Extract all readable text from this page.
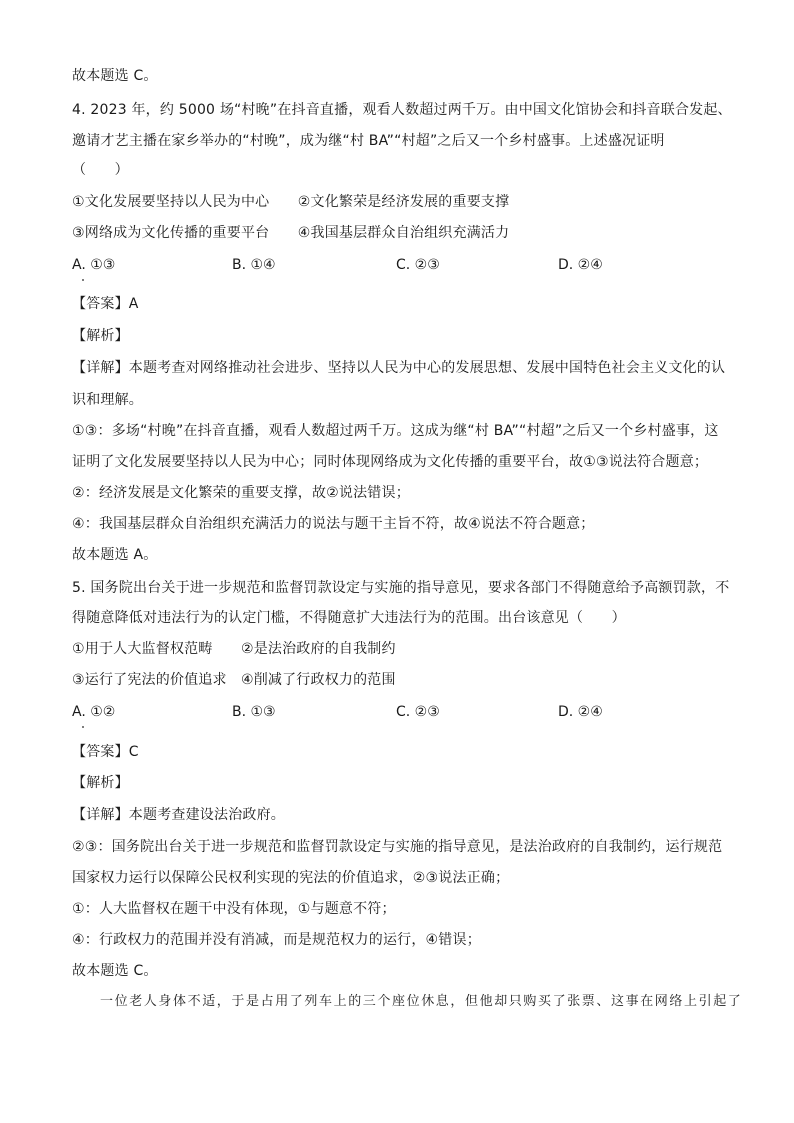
故本题选 C。
4. 2023 年，约 5000 场“村晚”在抖音直播，观看人数超过两千万。由中国文化馆协会和抖音联合发起、
邀请才艺主播在家乡举办的“村晚”，成为继“村 BA”“村超”之后又一个乡村盛事。上述盛况证明
（　　）
①文化发展要坚持以人民为中心　　②文化繁荣是经济发展的重要支撑
③网络成为文化传播的重要平台　　④我国基层群众自治组织充满活力
A. ①③	B. ①④	C. ②③	D. ②④
【答案】A
【解析】
【详解】本题考查对网络推动社会进步、坚持以人民为中心的发展思想、发展中国特色社会主义文化的认
识和理解。
①③：多场“村晚”在抖音直播，观看人数超过两千万。这成为继“村 BA”“村超”之后又一个乡村盛事，这
证明了文化发展要坚持以人民为中心；同时体现网络成为文化传播的重要平台，故①③说法符合题意；
②：经济发展是文化繁荣的重要支撑，故②说法错误；
④：我国基层群众自治组织充满活力的说法与题干主旨不符，故④说法不符合题意；
故本题选 A。
5. 国务院出台关于进一步规范和监督罚款设定与实施的指导意见，要求各部门不得随意给予高额罚款，不
得随意降低对违法行为的认定门槛，不得随意扩大违法行为的范围。出台该意见（　　）
①用于人大监督权范畴　　②是法治政府的自我制约
③运行了宪法的价值追求　④削减了行政权力的范围
A. ①②	B. ①③	C. ②③	D. ②④
【答案】C
【解析】
【详解】本题考查建设法治政府。
②③：国务院出台关于进一步规范和监督罚款设定与实施的指导意见，是法治政府的自我制约，运行规范
国家权力运行以保障公民权利实现的宪法的价值追求，②③说法正确；
①：人大监督权在题干中没有体现，①与题意不符；
④：行政权力的范围并没有消减，而是规范权力的运行，④错误；
故本题选 C。
一位老人身体不适，于是占用了列车上的三个座位休息，但他却只购买了张票、这事在网络上引起了
